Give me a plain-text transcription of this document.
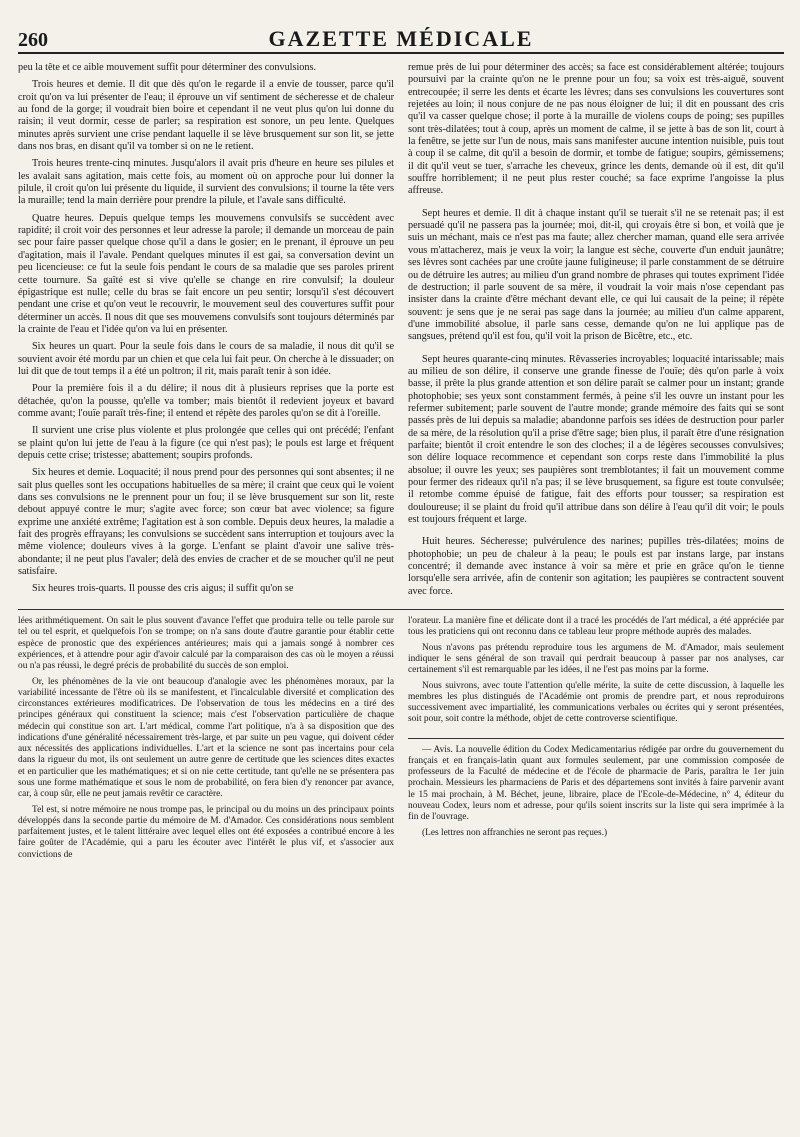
260	GAZETTE MÉDICALE

peu la tête et ce aible mouvement suffit pour déterminer des convulsions.

Trois heures et demie. Il dit que dès qu'on le regarde il a envie de tousser, parce qu'il croit qu'on va lui présenter de l'eau; il éprouve un vif sentiment de sécheresse et de chaleur au fond de la gorge; il voudrait bien boire et cependant il ne veut plus qu'on lui donne du raisin; il veut dormir, cesse de parler; sa respiration est sonore, un peu lente. Quelques minutes après survient une crise pendant laquelle il se lève brusquement sur son lit, se jette dans nos bras, en disant qu'il va tomber si on ne le retient.

Trois heures trente-cinq minutes. Jusqu'alors il avait pris d'heure en heure ses pilules et les avalait sans agitation, mais cette fois, au moment où on approche pour lui donner la pilule, il croit qu'on lui présente du liquide, il survient des convulsions; il tourne la tête vers la muraille; tend la main derrière pour prendre la pilule, et l'avale sans difficulté.

Quatre heures. Depuis quelque temps les mouvemens convulsifs se succèdent avec rapidité; il croit voir des personnes et leur adresse la parole; il demande un morceau de pain sec pour faire passer quelque chose qu'il a dans le gosier; en le prenant, il éprouve un peu d'agitation, mais il l'avale. Pendant quelques minutes il est gai, sa conversation devint un peu licencieuse: ce fut la seule fois pendant le cours de sa maladie que ses paroles prirent cette tournure. Sa gaîté est si vive qu'elle se change en rire convulsif; la douleur épigastrique est nulle; celle du bras se fait encore un peu sentir; lorsqu'il s'est découvert pendant une crise et qu'on veut le recouvrir, le mouvement seul des couvertures suffit pour déterminer un accès. Il nous dit que ses mouvemens convulsifs sont toujours déterminés par la crainte de l'eau et l'idée qu'on va lui en présenter.

Six heures un quart. Pour la seule fois dans le cours de sa maladie, il nous dit qu'il se souvient avoir été mordu par un chien et que cela lui fait peur. On cherche à le dissuader; on lui dit que de tout temps il a été un poltron; il rit, mais paraît tenir à son idée.

Pour la première fois il a du délire; il nous dit à plusieurs reprises que la porte est détachée, qu'on la pousse, qu'elle va tomber; mais bientôt il redevient joyeux et bavard comme avant; l'ouïe paraît très-fine; il entend et répète des paroles qu'on se dit à l'oreille.

Il survient une crise plus violente et plus prolongée que celles qui ont précédé; l'enfant se plaint qu'on lui jette de l'eau à la figure (ce qui n'est pas); le pouls est large et fréquent depuis cette crise; tristesse; abattement; soupirs profonds.

Six heures et demie. Loquacité; il nous prend pour des personnes qui sont absentes; il ne sait plus quelles sont les occupations habituelles de sa mère; il craint que ceux qui le voient dans ses convulsions ne le prennent pour un fou; il se lève brusquement sur son lit, reste debout appuyé contre le mur; s'agite avec force; son cœur bat avec violence; sa figure exprime une anxiété extrême; l'agitation est à son comble. Depuis deux heures, la maladie a fait des progrès effrayans; les convulsions se succèdent sans interruption et toujours avec la même violence; douleurs vives à la gorge. L'enfant se plaint d'avoir une salive très-abondante; il ne peut plus l'avaler; delà des envies de cracher et de se moucher qu'il ne peut satisfaire.

Six heures trois-quarts. Il pousse des cris aigus; il suffit qu'on se

remue près de lui pour déterminer des accès; sa face est considérablement altérée; toujours poursuivi par la crainte qu'on ne le prenne pour un fou; sa voix est très-aiguë, souvent entrecoupée; il serre les dents et écarte les lèvres; dans ses convulsions les couvertures sont rejetées au loin; il nous conjure de ne pas nous éloigner de lui; il dit en poussant des cris qu'il va casser quelque chose; il porte à la muraille de violens coups de poing; ses pupilles sont très-dilatées; tout à coup, après un moment de calme, il se jette à bas de son lit, court à la fenêtre, se jette sur l'un de nous, mais sans manifester aucune intention nuisible, puis tout à coup il se calme, dit qu'il a besoin de dormir, et tombe de fatigue; soupirs, gémissemens; il dit qu'il veut se tuer, s'arrache les cheveux, grince les dents, demande où il est, dit qu'il souffre horriblement; il ne peut plus rester couché; sa face exprime l'angoisse la plus affreuse.

Sept heures et demie. Il dit à chaque instant qu'il se tuerait s'il ne se retenait pas; il est persuadé qu'il ne passera pas la journée; moi, dit-il, qui croyais être si bon, et voilà que je suis un méchant, mais ce n'est pas ma faute; allez chercher maman, quand elle sera arrivée vous m'attacherez, mais je veux la voir; la langue est sèche, couverte d'un enduit jaunâtre; ses lèvres sont cachées par une croûte jaune fuligineuse; il parle constamment de se détruire ou de détruire les autres; au milieu d'un grand nombre de phrases qui toutes expriment l'idée de destruction; il parle souvent de sa mère, il voudrait la voir mais n'ose cependant pas insister dans la crainte d'être méchant devant elle, ce qui lui causait de la peine; il répète souvent: je sens que je ne serai pas sage dans la journée; au milieu d'un calme apparent, d'une immobilité absolue, il parle sans cesse, demande qu'on ne lui applique pas de sangsues, prétend qu'il est fou, qu'il voit la prison de Bicêtre, etc., etc.

Sept heures quarante-cinq minutes. Rêvasseries incroyables; loquacité intarissable; mais au milieu de son délire, il conserve une grande finesse de l'ouïe; dès qu'on parle à voix basse, il prête la plus grande attention et son délire paraît se calmer pour un instant; grande photophobie; ses yeux sont constamment fermés, à peine s'il les ouvre un instant pour les refermer subitement; parle souvent de l'autre monde; grande mémoire des faits qui se sont passés près de lui depuis sa maladie; abandonne parfois ses idées de destruction pour parler de sa mère, de la résolution qu'il a prise d'être sage; bien plus, il paraît être d'une résignation parfaite; bientôt il croit entendre le son des cloches; il a de légères secousses convulsives; son délire loquace recommence et cependant son corps reste dans l'immobilité la plus absolue; il ouvre les yeux; ses paupières sont tremblotantes; il fait un mouvement comme pour fermer des rideaux qu'il n'a pas; il se lève brusquement, sa figure est toute convulsée; il retombe comme épuisé de fatigue, fait des efforts pour tousser; sa respiration est douloureuse; il se plaint du froid qu'il attribue dans son délire à l'eau qu'il dit voir; le pouls est toujours fréquent et large.

Huit heures. Sécheresse; pulvérulence des narines; pupilles très-dilatées; moins de photophobie; un peu de chaleur à la peau; le pouls est par instans large, par instans concentré; il demande avec instance à voir sa mère et prie en grâce qu'on le tienne lorsqu'elle sera arrivée, afin de contenir son agitation; les paupières se contractent souvent avec force.

lées arithmétiquement. On sait le plus souvent d'avance l'effet que produira telle ou telle parole sur tel ou tel esprit, et quelquefois l'on se trompe; on n'a sans doute d'autre garantie pour établir cette espèce de pronostic que des expériences antérieures; mais qui a jamais songé à nombrer ces expériences, et à attendre pour agir d'avoir calculé par la comparaison des cas où le moyen a réussi ou n'a pas réussi, le degré précis de probabilité du succès de son emploi.

Or, les phénomènes de la vie ont beaucoup d'analogie avec les phénomènes moraux, par la variabilité incessante de l'être où ils se manifestent, et l'incalculable diversité et complication des circonstances extérieures modificatrices. De l'observation de tous les médecins en a tiré des principes généraux qui constituent la science; mais c'est l'observation particulière de chaque médecin qui constitue son art. L'art médical, comme l'art politique, n'a à sa disposition que des indications d'une généralité nécessairement très-large, et par suite un peu vague, qui doivent céder aux nécessités des applications individuelles. L'art et la science ne sont pas incertains pour cela dans la rigueur du mot, ils ont seulement un autre genre de certitude que les sciences dites exactes et en particulier que les mathématiques; et si on nie cette certitude, tant qu'elle ne se présentera pas sous une forme mathématique et sous le nom de probabilité, on fera bien d'y renoncer par avance, car, à coup sûr, elle ne peut jamais revêtir ce caractère.

Tel est, si notre mémoire ne nous trompe pas, le principal ou du moins un des principaux points développés dans la seconde partie du mémoire de M. d'Amador. Ces considérations nous semblent parfaitement justes, et le talent littéraire avec lequel elles ont été exposées a contribué encore à les faire goûter de l'Académie, qui a paru les écouter avec l'intérêt le plus vif, et s'associer aux convictions de

l'orateur. La manière fine et délicate dont il a tracé les procédés de l'art médical, a été appréciée par tous les praticiens qui ont reconnu dans ce tableau leur propre méthode auprès des malades.

Nous n'avons pas prétendu reproduire tous les argumens de M. d'Amador, mais seulement indiquer le sens général de son travail qui perdrait beaucoup à passer par nos analyses, car certainement s'il est remarquable par les idées, il ne l'est pas moins par la forme.

Nous suivrons, avec toute l'attention qu'elle mérite, la suite de cette discussion, à laquelle les membres les plus distingués de l'Académie ont promis de prendre part, et nous reproduirons successivement avec impartialité, les communications verbales ou écrites qui y seront présentées, soit pour, soit contre la méthode, objet de cette controverse scientifique.

— Avis. La nouvelle édition du Codex Medicamentarius rédigée par ordre du gouvernement du français et en français-latin quant aux formules seulement, par une commission composée de professeurs de la Faculté de médecine et de l'école de pharmacie de Paris, paraîtra le 1er juin prochain. Messieurs les pharmaciens de Paris et des départemens sont invités à faire parvenir avant le 15 mai prochain, à M. Béchet, jeune, libraire, place de l'Ecole-de-Médecine, n° 4, éditeur du nouveau Codex, leurs nom et adresse, pour qu'ils soient inscrits sur la liste qui sera imprimée à la fin de l'ouvrage.

(Les lettres non affranchies ne seront pas reçues.)
